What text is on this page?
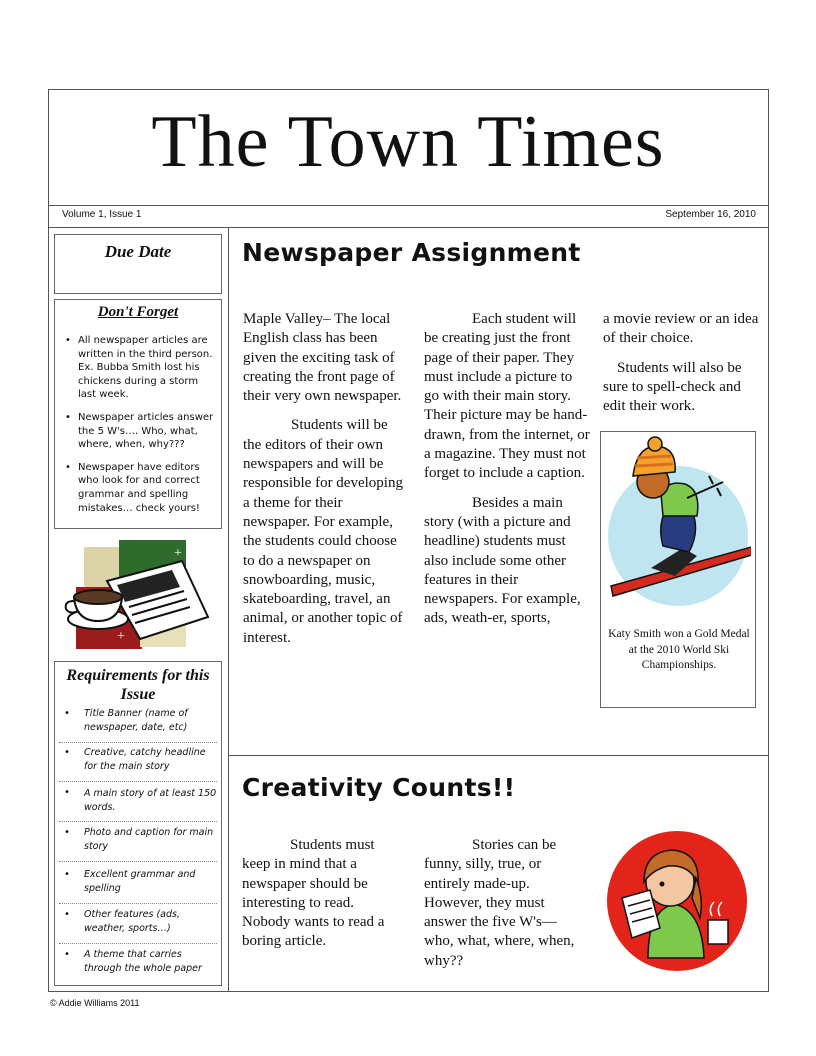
The Town Times
Volume 1, Issue 1	September 16, 2010
Due Date
Don't Forget
• All newspaper articles are written in the third person. Ex. Bubba Smith lost his chickens during a storm last week.
• Newspaper articles answer the 5 W's…. Who, what, where, when, why???
• Newspaper have editors who look for and correct grammar and spelling mistakes… check yours!
+
+
Requirements for this Issue
• Title Banner (name of newspaper, date, etc)
• Creative, catchy headline for the main story
• A main story of at least 150 words.
• Photo and caption for main story
• Excellent grammar and spelling
• Other features (ads, weather, sports…)
• A theme that carries through the whole paper
Newspaper Assignment

Maple Valley– The local English class has been given the exciting task of creating the front page of their very own newspaper.

Students will be the editors of their own newspapers and will be responsible for developing a theme for their newspaper. For example, the students could choose to do a newspaper on snowboarding, music, skateboarding, travel, an animal, or another topic of interest.

Each student will be creating just the front page of their paper. They must include a picture to go with their main story. Their picture may be hand-drawn, from the internet, or a magazine. They must not forget to include a caption.

Besides a main story (with a picture and headline) students must also include some other features in their newspapers. For example, ads, weath-er, sports,

a movie review or an idea of their choice.

Students will also be sure to spell-check and edit their work.

Katy Smith won a Gold Medal at the 2010 World Ski Championships.
Creativity Counts!!

Students must keep in mind that a newspaper should be interesting to read. Nobody wants to read a boring article.

Stories can be funny, silly, true, or entirely made-up. However, they must answer the five W's—who, what, where, when, why??

© Addie Williams 2011
